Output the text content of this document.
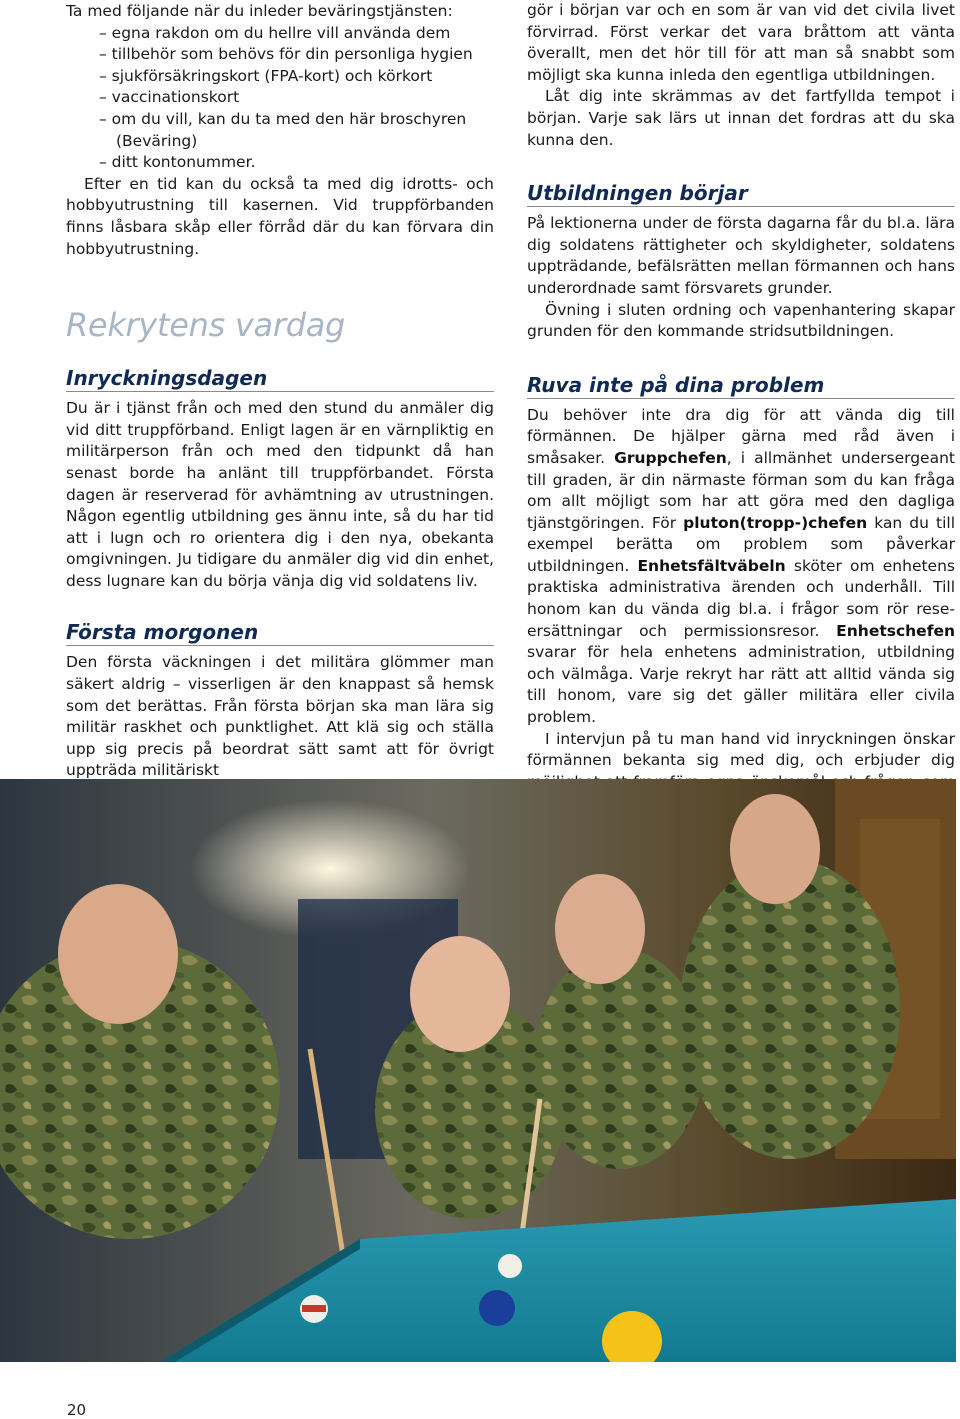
Ta med följande när du inleder beväringstjänsten:

– egna rakdon om du hellre vill använda dem
– tillbehör som behövs för din personliga hygien
– sjukförsäkringskort (FPA-kort) och körkort
– vaccinationskort
– om du vill, kan du ta med den här broschyren (Beväring)
– ditt kontonummer.

Efter en tid kan du också ta med dig idrotts- och hobbyutrustning till kasernen. Vid truppförbanden finns låsbara skåp eller förråd där du kan förvara din hobbyutrustning.

Rekrytens vardag
Inryckningsdagen

Du är i tjänst från och med den stund du anmäler dig vid ditt truppförband. Enligt lagen är en värnpliktig en militärperson från och med den tidpunkt då han senast borde ha anlänt till truppförbandet. Första dagen är reserverad för avhämtning av utrustningen. Någon egentlig utbildning ges ännu inte, så du har tid att i lugn och ro orientera dig i den nya, obekanta omgivningen. Ju tidigare du anmäler dig vid din enhet, dess lugnare kan du börja vänja dig vid soldatens liv.

Första morgonen

Den första väckningen i det militära glömmer man säkert aldrig – visserligen är den knappast så hemsk som det berättas. Från första början ska man lära sig militär raskhet och punktlighet. Att klä sig och ställa upp sig precis på beordrat sätt samt att för övrigt uppträda militäriskt

gör i början var och en som är van vid det civila livet förvirrad. Först verkar det vara bråttom att vänta överallt, men det hör till för att man så snabbt som möjligt ska kunna inleda den egentliga utbildningen.

Låt dig inte skrämmas av det fartfyllda tempot i början. Varje sak lärs ut innan det fordras att du ska kunna den.

Utbildningen börjar

På lektionerna under de första dagarna får du bl.a. lära dig soldatens rättigheter och skyldigheter, soldatens uppträdande, befälsrätten mellan förmannen och hans underordnade samt försvarets grunder.

Övning i sluten ordning och vapenhantering skapar grunden för den kommande stridsutbildningen.

Ruva inte på dina problem

Du behöver inte dra dig för att vända dig till förmännen. De hjälper gärna med råd även i småsaker. Gruppchefen, i allmänhet undersergeant till graden, är din närmaste förman som du kan fråga om allt möjligt som har att göra med den dagliga tjänstgöringen. För pluton(tropp-)chefen kan du till exempel berätta om problem som påverkar utbildningen. Enhetsfältväbeln sköter om enhetens praktiska administrativa ärenden och underhåll. Till honom kan du vända dig bl.a. i frågor som rör reseersättningar och permissionsresor. Enhetschefen svarar för hela enhetens administration, utbildning och välmåga. Varje rekryt har rätt att alltid vända sig till honom, vare sig det gäller militära eller civila problem.

I intervjun på tu man hand vid inryckningen önskar förmännen bekanta sig med dig, och erbjuder dig

20
